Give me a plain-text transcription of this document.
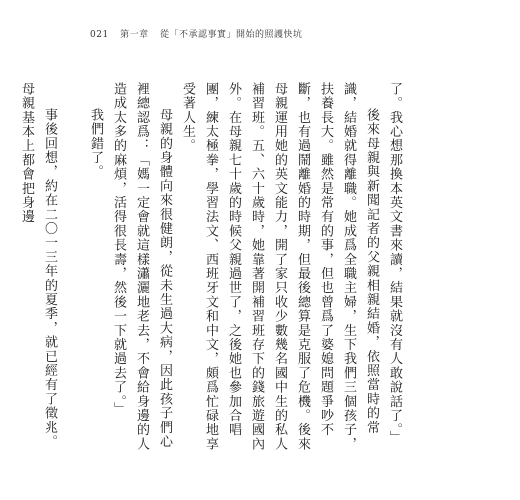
021 第一章 從「不承認事實」開始的照護快坑

了。我心想那換本英文書來讀，結果就沒有人敢說話了。」

後來母親與新聞記者的父親相親結婚，依照當時的常識，結婚就得離職。她成爲全職主婦，生下我們三個孩子，扶養長大。雖然是常有的事，但也曾爲了婆媳問題爭吵不斷，也有過鬧離婚的時期，但最後總算是克服了危機。後來母親運用她的英文能力，開了家只收少數幾名國中生的私人補習班。五、六十歲時，她靠著開補習班存下的錢旅遊國內外。在母親七十歲的時候父親過世了，之後她也參加合唱團，練太極拳，學習法文、西班牙文和中文，頗爲忙碌地享受著人生。

母親的身體向來很健朗，從未生過大病，因此孩子們心裡總認爲：「媽一定會就這樣瀟灑地老去，不會給身邊的人造成太多的麻煩，活得很長壽，然後一下就過去了。」

我們錯了。

事後回想，約在二〇一三年的夏季，就已經有了徵兆。母親基本上都會把身邊
